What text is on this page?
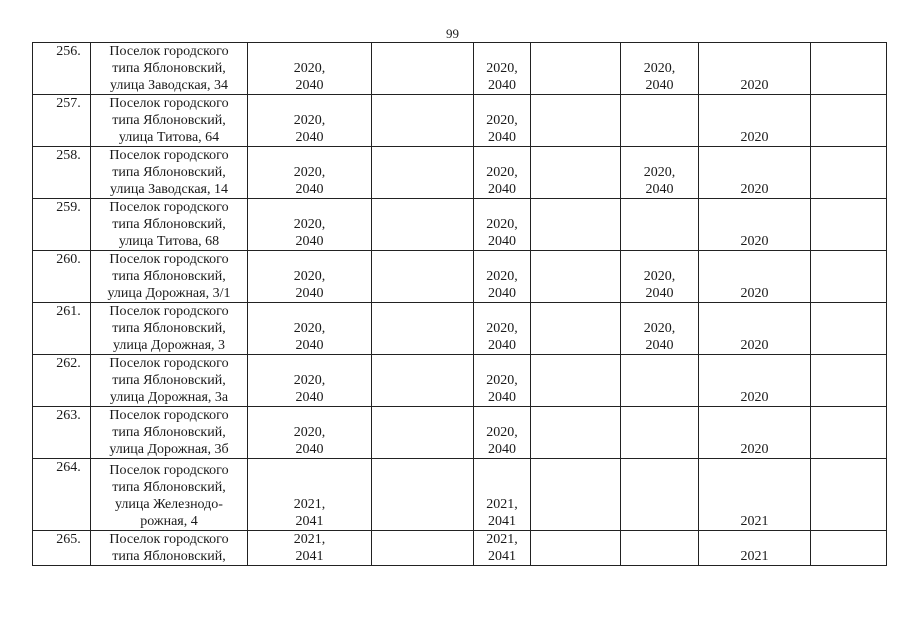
99
256.	Поселок городского
типа Яблоновский,
улица Заводская, 34	2020,
2040		2020,
2040		2020,
2040	2020	

257.	Поселок городского
типа Яблоновский,
улица Титова, 64	2020,
2040		2020,
2040			2020	

258.	Поселок городского
типа Яблоновский,
улица Заводская, 14	2020,
2040		2020,
2040		2020,
2040	2020	

259.	Поселок городского
типа Яблоновский,
улица Титова, 68	2020,
2040		2020,
2040			2020	

260.	Поселок городского
типа Яблоновский,
улица Дорожная, 3/1	2020,
2040		2020,
2040		2020,
2040	2020	

261.	Поселок городского
типа Яблоновский,
улица Дорожная, 3	2020,
2040		2020,
2040		2020,
2040	2020	

262.	Поселок городского
типа Яблоновский,
улица Дорожная, 3а	2020,
2040		2020,
2040			2020	

263.	Поселок городского
типа Яблоновский,
улица Дорожная, 3б	2020,
2040		2020,
2040			2020	

264.	Поселок городского
типа Яблоновский,
улица Железнодо-
рожная, 4	2021,
2041		2021,
2041			2021	

265.	Поселок городского
типа Яблоновский,	2021,
2041		2021,
2041			2021	
